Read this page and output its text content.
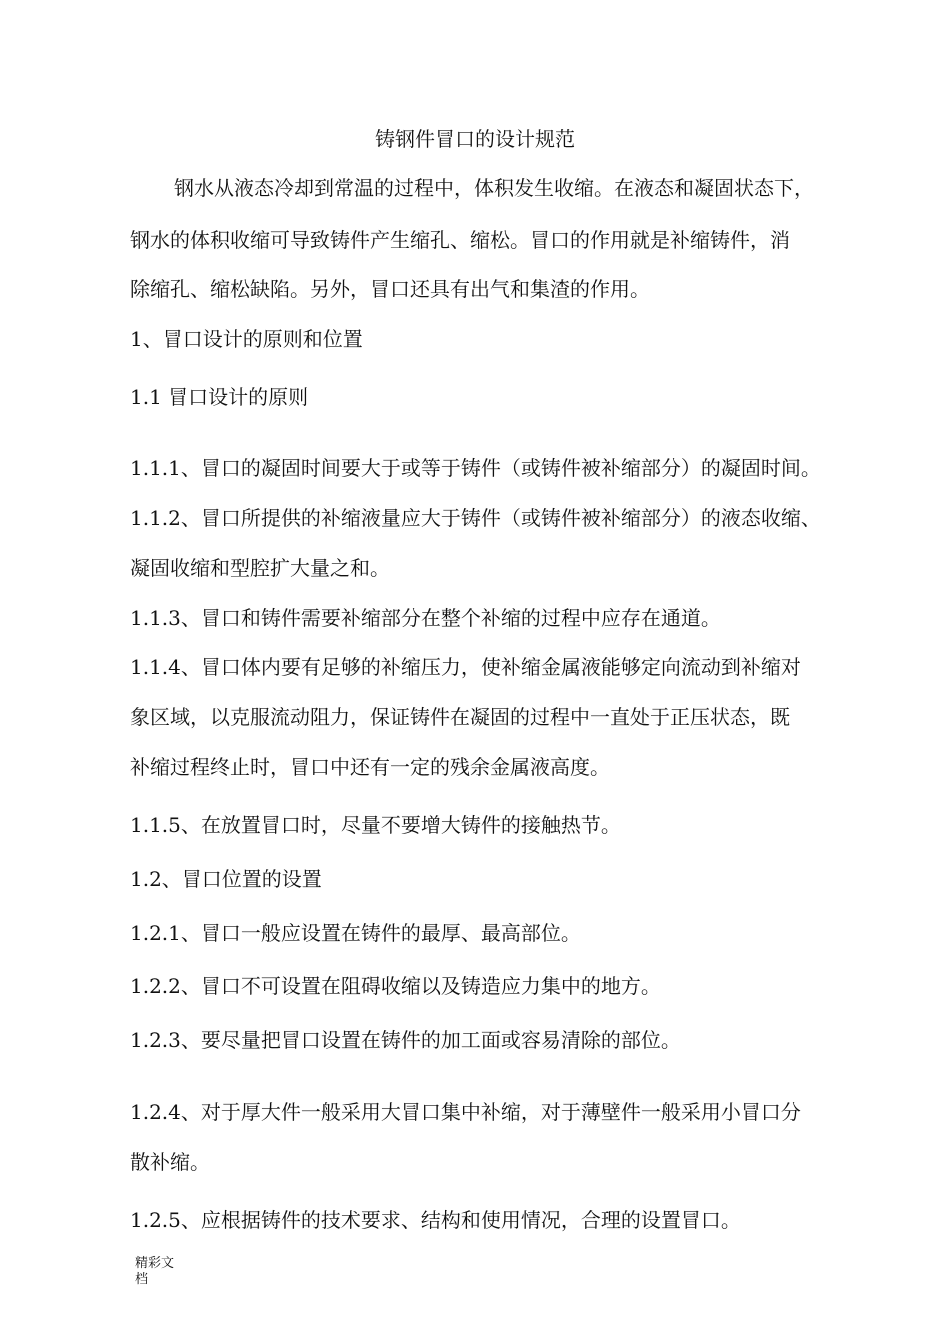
铸钢件冒口的设计规范
钢水从液态冷却到常温的过程中，体积发生收缩。在液态和凝固状态下，
钢水的体积收缩可导致铸件产生缩孔、缩松。冒口的作用就是补缩铸件，消
除缩孔、缩松缺陷。另外，冒口还具有出气和集渣的作用。
1、冒口设计的原则和位置
1.1 冒口设计的原则
1.1.1、冒口的凝固时间要大于或等于铸件（或铸件被补缩部分）的凝固时间。
1.1.2、冒口所提供的补缩液量应大于铸件（或铸件被补缩部分）的液态收缩、
凝固收缩和型腔扩大量之和。
1.1.3、冒口和铸件需要补缩部分在整个补缩的过程中应存在通道。
1.1.4、冒口体内要有足够的补缩压力，使补缩金属液能够定向流动到补缩对
象区域，以克服流动阻力，保证铸件在凝固的过程中一直处于正压状态，既
补缩过程终止时，冒口中还有一定的残余金属液高度。
1.1.5、在放置冒口时，尽量不要增大铸件的接触热节。
1.2、冒口位置的设置
1.2.1、冒口一般应设置在铸件的最厚、最高部位。
1.2.2、冒口不可设置在阻碍收缩以及铸造应力集中的地方。
1.2.3、要尽量把冒口设置在铸件的加工面或容易清除的部位。
1.2.4、对于厚大件一般采用大冒口集中补缩，对于薄壁件一般采用小冒口分
散补缩。
1.2.5、应根据铸件的技术要求、结构和使用情况，合理的设置冒口。
精彩文
档
